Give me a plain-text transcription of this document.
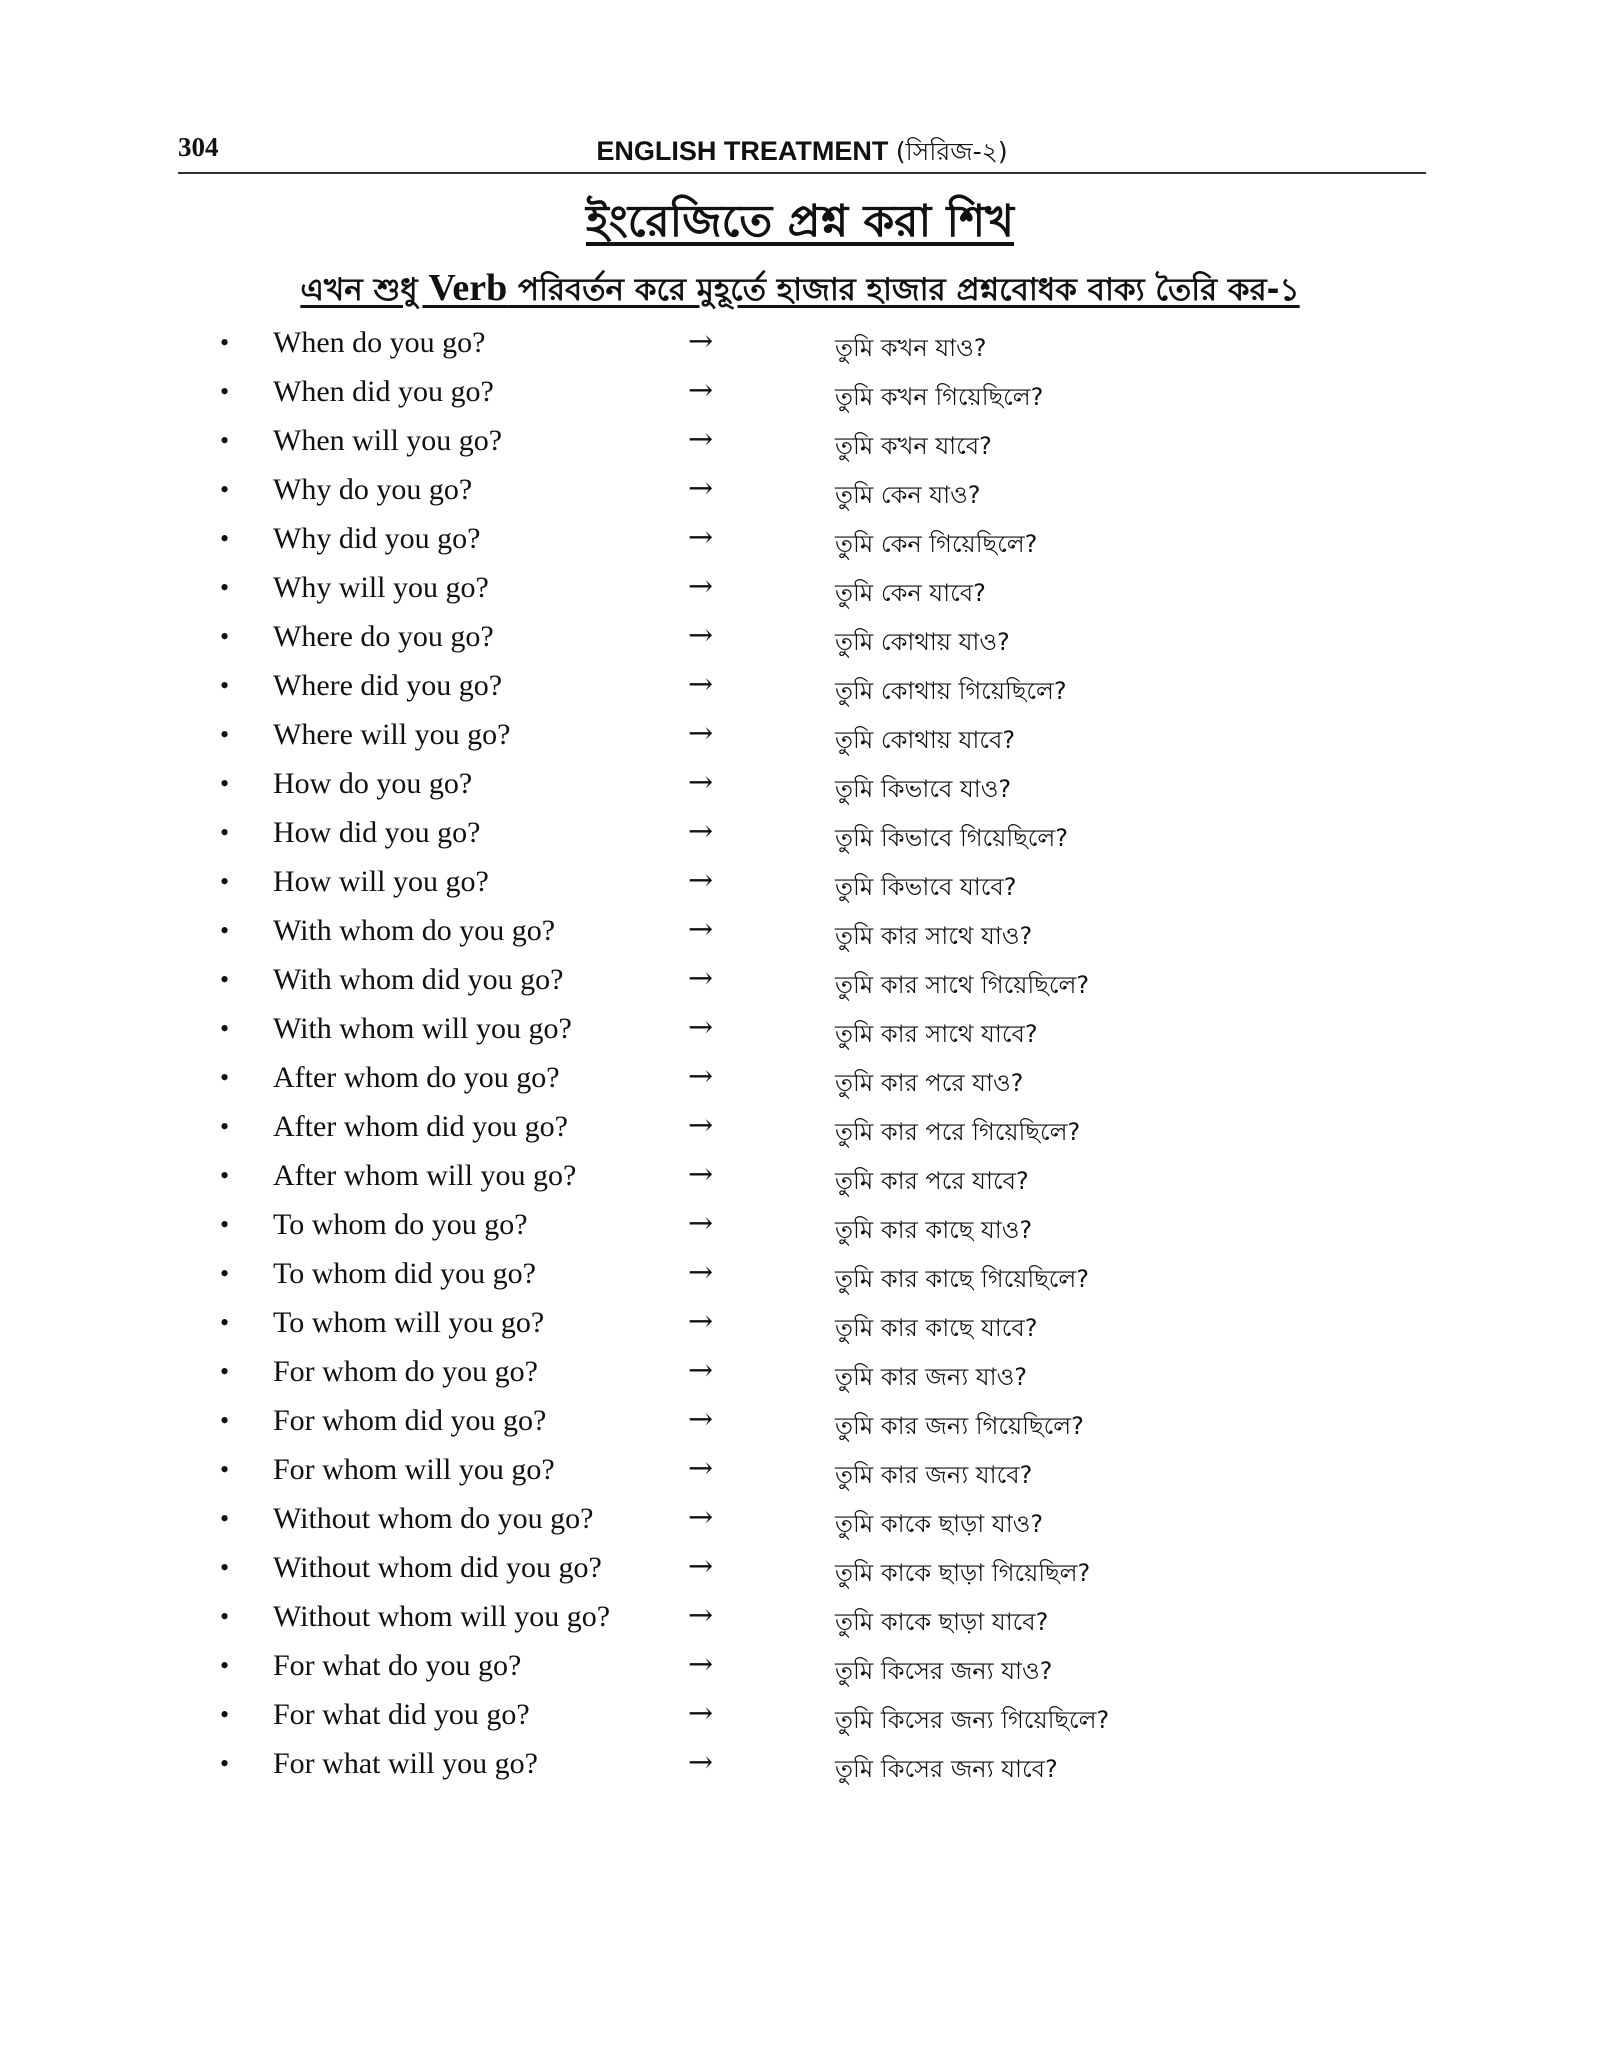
304	ENGLISH TREATMENT (সিরিজ-২)
ইংরেজিতে প্রশ্ন করা শিখ
এখন শুধু Verb পরিবর্তন করে মুহূর্তে হাজার হাজার প্রশ্নবোধক বাক্য তৈরি কর-১
• When do you go?	→	তুমি কখন যাও?
• When did you go?	→	তুমি কখন গিয়েছিলে?
• When will you go?	→	তুমি কখন যাবে?
• Why do you go?	→	তুমি কেন যাও?
• Why did you go?	→	তুমি কেন গিয়েছিলে?
• Why will you go?	→	তুমি কেন যাবে?
• Where do you go?	→	তুমি কোথায় যাও?
• Where did you go?	→	তুমি কোথায় গিয়েছিলে?
• Where will you go?	→	তুমি কোথায় যাবে?
• How do you go?	→	তুমি কিভাবে যাও?
• How did you go?	→	তুমি কিভাবে গিয়েছিলে?
• How will you go?	→	তুমি কিভাবে যাবে?
• With whom do you go?	→	তুমি কার সাথে যাও?
• With whom did you go?	→	তুমি কার সাথে গিয়েছিলে?
• With whom will you go?	→	তুমি কার সাথে যাবে?
• After whom do you go?	→	তুমি কার পরে যাও?
• After whom did you go?	→	তুমি কার পরে গিয়েছিলে?
• After whom will you go?	→	তুমি কার পরে যাবে?
• To whom do you go?	→	তুমি কার কাছে যাও?
• To whom did you go?	→	তুমি কার কাছে গিয়েছিলে?
• To whom will you go?	→	তুমি কার কাছে যাবে?
• For whom do you go?	→	তুমি কার জন্য যাও?
• For whom did you go?	→	তুমি কার জন্য গিয়েছিলে?
• For whom will you go?	→	তুমি কার জন্য যাবে?
• Without whom do you go?	→	তুমি কাকে ছাড়া যাও?
• Without whom did you go?	→	তুমি কাকে ছাড়া গিয়েছিল?
• Without whom will you go?	→	তুমি কাকে ছাড়া যাবে?
• For what do you go?	→	তুমি কিসের জন্য যাও?
• For what did you go?	→	তুমি কিসের জন্য গিয়েছিলে?
• For what will you go?	→	তুমি কিসের জন্য যাবে?
